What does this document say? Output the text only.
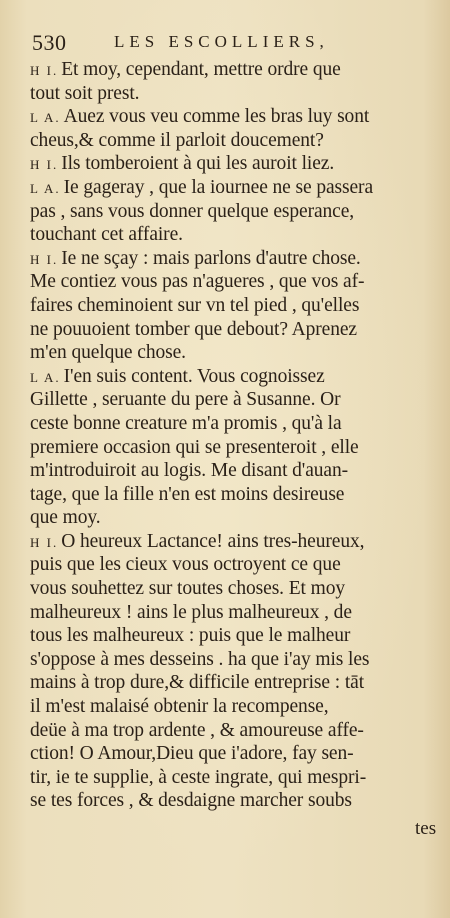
530	LES ESCOLLIERS,
H I. Et moy, cependant, mettre ordre que
tout soit prest.
L A. Auez vous veu comme les bras luy sont
cheus,& comme il parloit doucement?
H I. Ils tomberoient à qui les auroit liez.
L A. Ie gageray , que la iournee ne se passera
pas , sans vous donner quelque esperance,
touchant cet affaire.
H I. Ie ne sçay : mais parlons d'autre chose.
Me contiez vous pas n'agueres , que vos af-
faires cheminoient sur vn tel pied , qu'elles
ne pouuoient tomber que debout? Aprenez
m'en quelque chose.
L A. I'en suis content. Vous cognoissez
Gillette , seruante du pere à Susanne. Or
ceste bonne creature m'a promis , qu'à la
premiere occasion qui se presenteroit , elle
m'introduiroit au logis. Me disant d'auan-
tage, que la fille n'en est moins desireuse
que moy.
H I. O heureux Lactance! ains tres-heureux,
puis que les cieux vous octroyent ce que
vous souhettez sur toutes choses. Et moy
malheureux ! ains le plus malheureux , de
tous les malheureux : puis que le malheur
s'oppose à mes desseins . ha que i'ay mis les
mains à trop dure,& difficile entreprise : tāt
il m'est malaisé obtenir la recompense,
deüe à ma trop ardente , & amoureuse affe-
ction! O Amour,Dieu que i'adore, fay sen-
tir, ie te supplie, à ceste ingrate, qui mespri-
se tes forces , & desdaigne marcher soubs
tes
